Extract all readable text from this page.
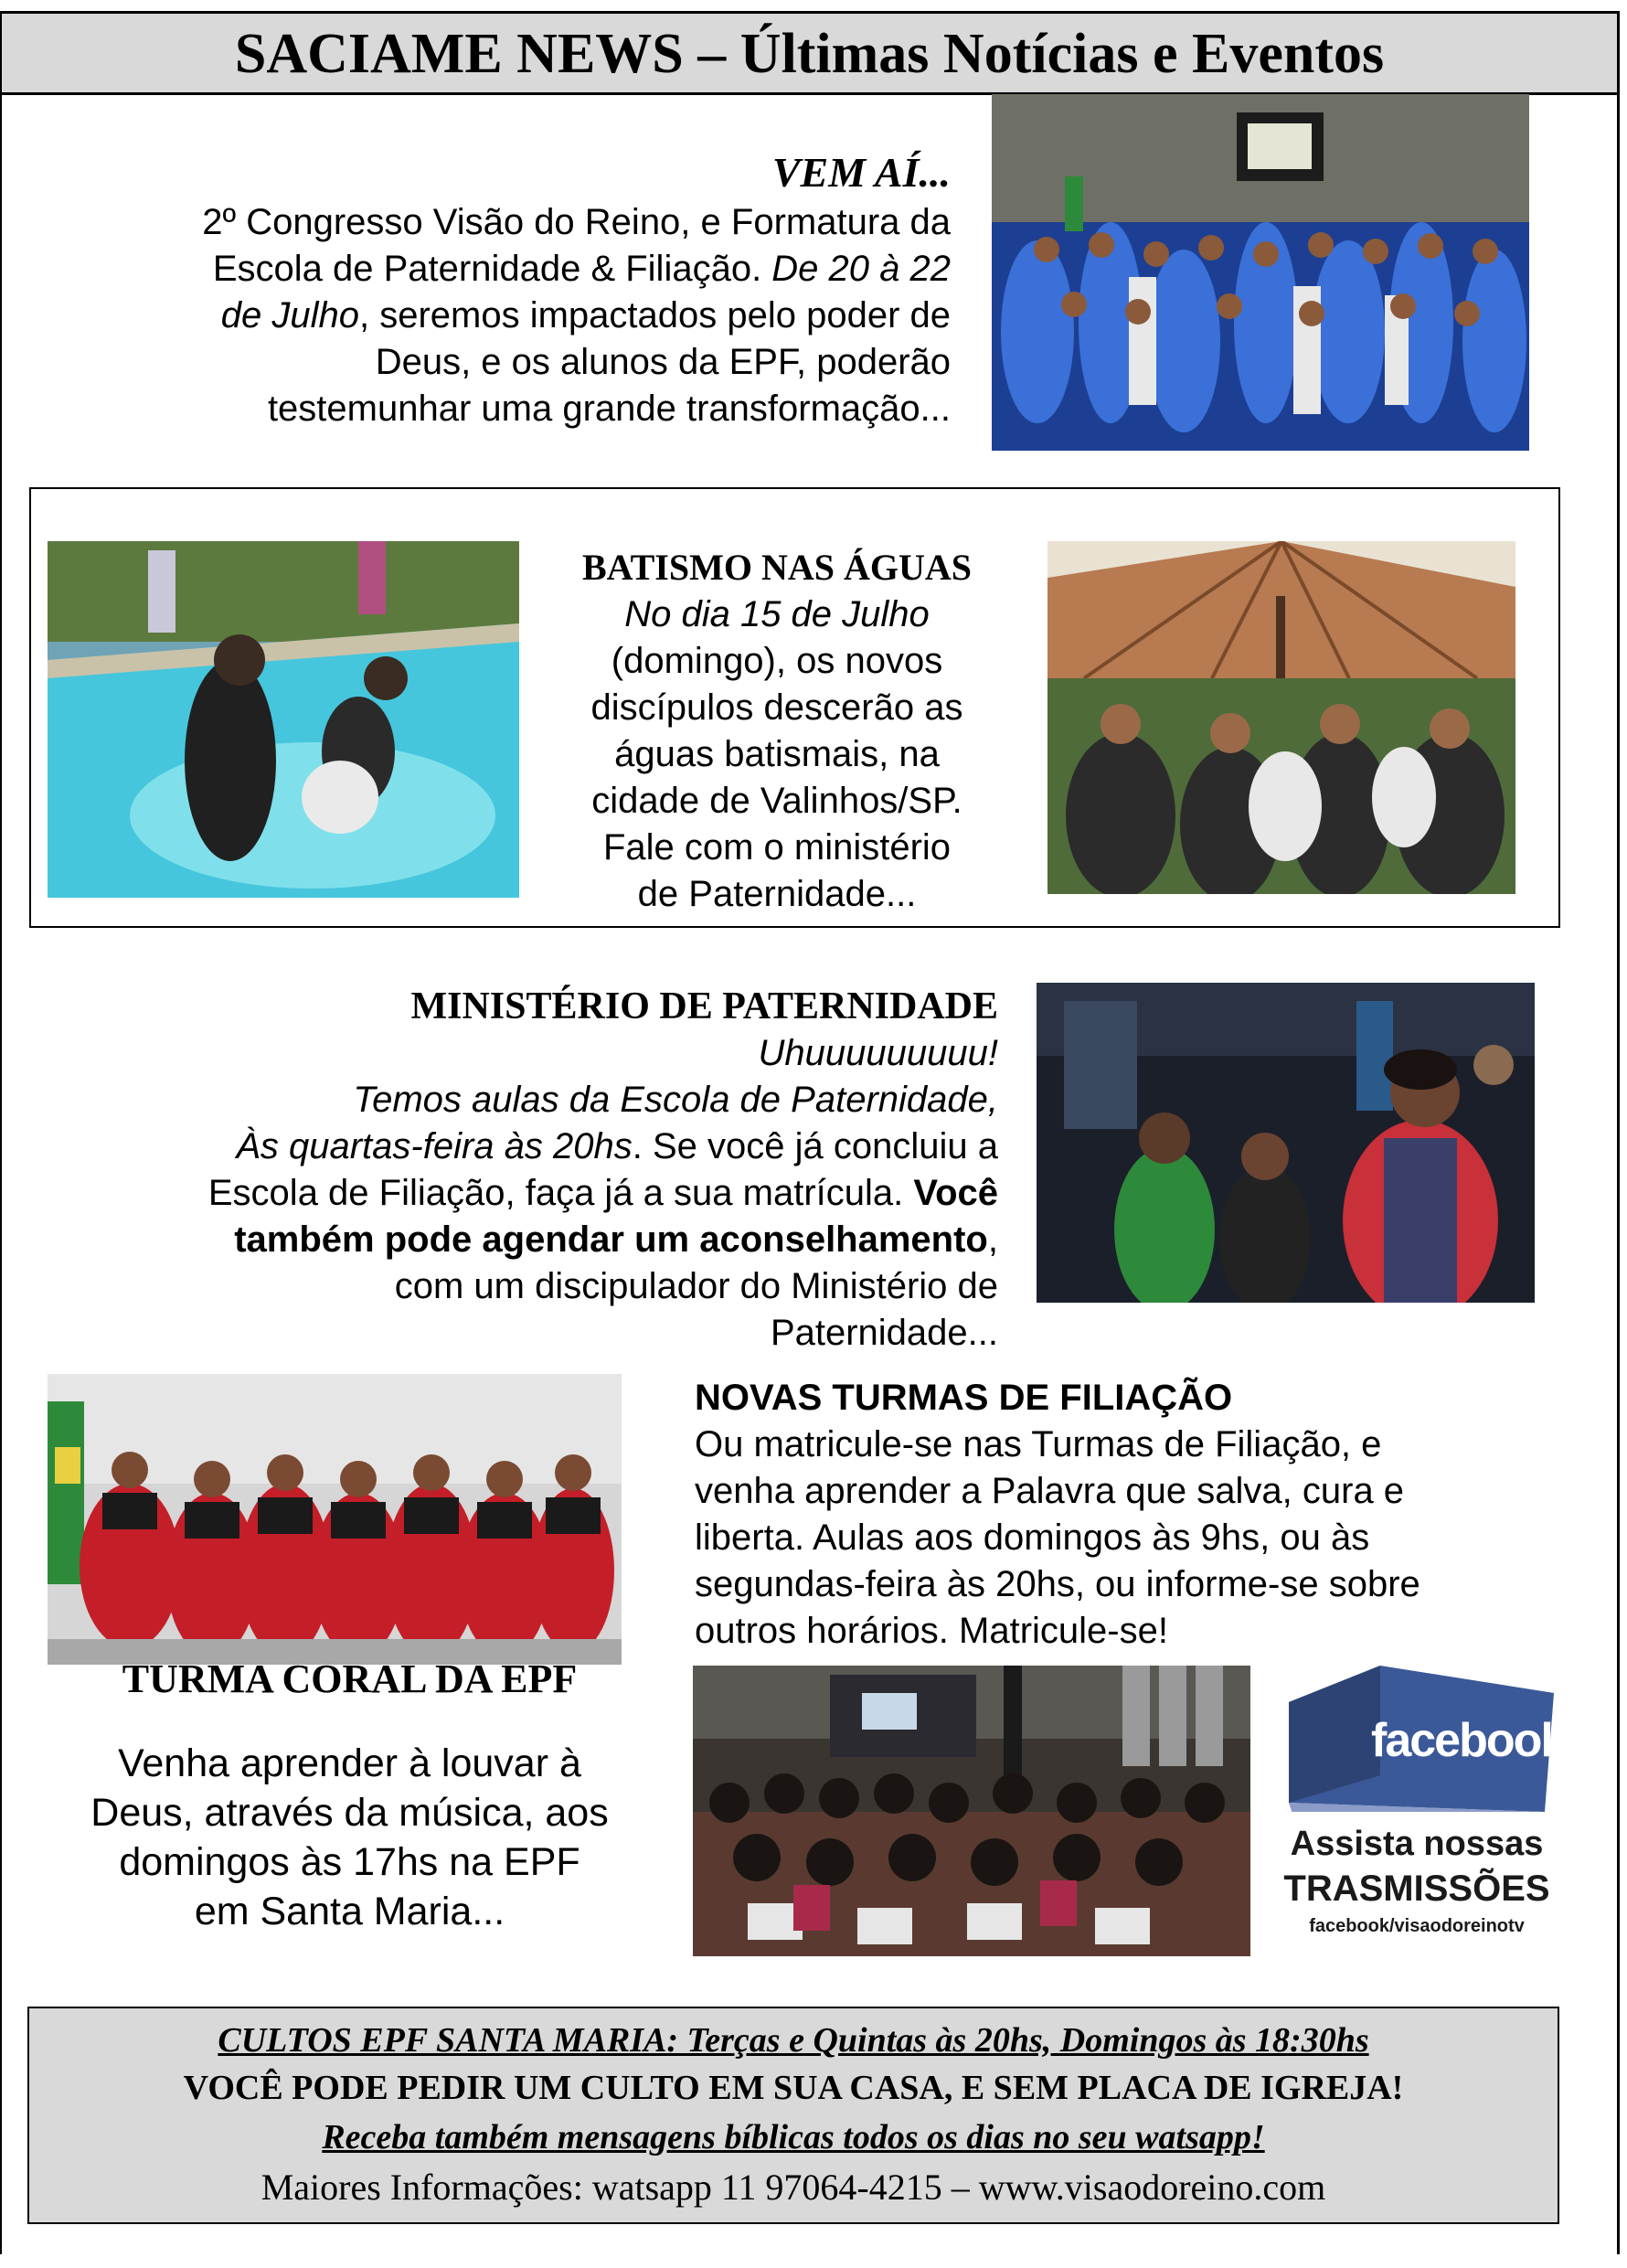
SACIAME NEWS – Últimas Notícias e Eventos
VEM AÍ...
2º Congresso Visão do Reino, e Formatura da
Escola de Paternidade & Filiação. De 20 à 22
de Julho, seremos impactados pelo poder de
Deus, e os alunos da EPF, poderão
testemunhar uma grande transformação...
BATISMO NAS ÁGUAS
No dia 15 de Julho
(domingo), os novos
discípulos descerão as
águas batismais, na
cidade de Valinhos/SP.
Fale com o ministério
de Paternidade...
MINISTÉRIO DE PATERNIDADE
Uhuuuuuuuuu!
Temos aulas da Escola de Paternidade,
Às quartas-feira às 20hs. Se você já concluiu a
Escola de Filiação, faça já a sua matrícula. Você
também pode agendar um aconselhamento,
com um discipulador do Ministério de
Paternidade...
NOVAS TURMAS DE FILIAÇÃO
Ou matricule-se nas Turmas de Filiação, e
venha aprender a Palavra que salva, cura e
liberta. Aulas aos domingos às 9hs, ou às
segundas-feira às 20hs, ou informe-se sobre
outros horários. Matricule-se!
TURMA CORAL DA EPF
Venha aprender à louvar à
Deus, através da música, aos
domingos às 17hs na EPF
em Santa Maria...
facebook
Assista nossas
TRASMISSÕES
facebook/visaodoreinotv
CULTOS EPF SANTA MARIA: Terças e Quintas às 20hs, Domingos às 18:30hs
VOCÊ PODE PEDIR UM CULTO EM SUA CASA, E SEM PLACA DE IGREJA!
Receba também mensagens bíblicas todos os dias no seu watsapp!
Maiores Informações: watsapp 11 97064-4215 – www.visaodoreino.com
